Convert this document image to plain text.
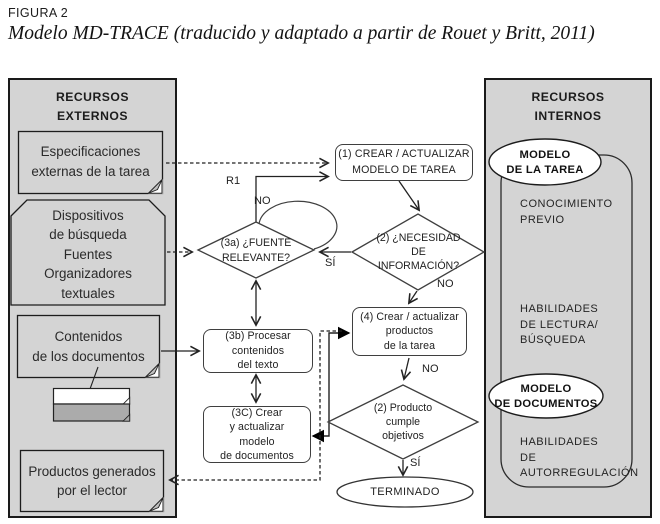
FIGURA 2
Modelo MD-TRACE (traducido y adaptado a partir de Rouet y Britt, 2011)
RECURSOS
EXTERNOS
RECURSOS
INTERNOS
Especificaciones
externas de la tarea
Dispositivos
de búsqueda
Fuentes
Organizadores
textuales
Contenidos
de los documentos
Productos generados
por el lector
MODELO
DE LA TAREA
CONOCIMIENTO
PREVIO
HABILIDADES
DE LECTURA/
BÚSQUEDA
MODELO
DE DOCUMENTOS
HABILIDADES
DE
AUTORREGULACIÓN
(1) CREAR / ACTUALIZAR
MODELO DE TAREA
(3b) Procesar
contenidos
del texto
(3C) Crear
y actualizar
modelo
de documentos
(4) Crear / actualizar
productos
de la tarea
(2) ¿NECESIDAD
DE
INFORMACIÓN?
(3a) ¿FUENTE
RELEVANTE?
(2) Producto
cumple
objetivos
TERMINADO
R1
NO
SÍ
NO
NO
SÍ
